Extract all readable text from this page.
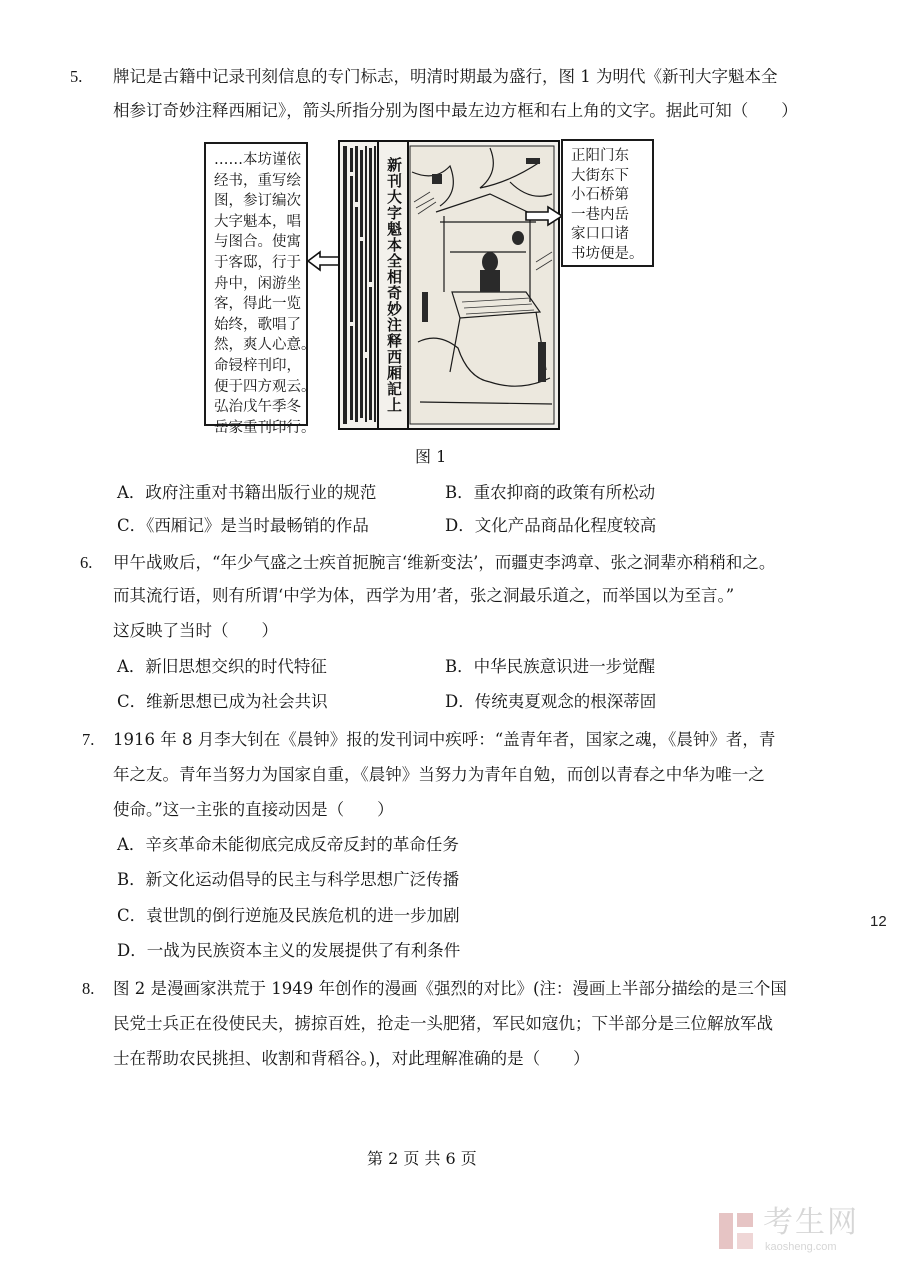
5. 牌记是古籍中记录刊刻信息的专门标志，明清时期最为盛行，图 1 为明代《新刊大字魁本全
相参订奇妙注释西厢记》，箭头所指分别为图中最左边方框和右上角的文字。据此可知（　　）
……本坊谨依
经书，重写绘
图，参订编次
大字魁本，唱
与图合。使寓
于客邸，行于
舟中，闲游坐
客，得此一览
始终，歌唱了
然，爽人心意。
命锓梓刊印，
便于四方观云。
弘治戊午季冬
岳家重刊印行。
新刊大字魁本全相奇妙注释西厢記上
正阳门东
大街东下
小石桥第
一巷内岳
家口口诸
书坊便是。
图 1
A．政府注重对书籍出版行业的规范	B．重农抑商的政策有所松动
C．《西厢记》是当时最畅销的作品	D．文化产品商品化程度较高
6. 甲午战败后，“年少气盛之士疾首扼腕言‘维新变法’，而疆吏李鸿章、张之洞辈亦稍稍和之。
而其流行语，则有所谓‘中学为体，西学为用’者，张之洞最乐道之，而举国以为至言。”
这反映了当时（　　）
A．新旧思想交织的时代特征	B．中华民族意识进一步觉醒
C．维新思想已成为社会共识	D．传统夷夏观念的根深蒂固
7. 1916 年 8 月李大钊在《晨钟》报的发刊词中疾呼：“盖青年者，国家之魂，《晨钟》者，青
年之友。青年当努力为国家自重，《晨钟》当努力为青年自勉，而创以青春之中华为唯一之
使命。”这一主张的直接动因是（　　）
A．辛亥革命未能彻底完成反帝反封的革命任务
B．新文化运动倡导的民主与科学思想广泛传播
C．袁世凯的倒行逆施及民族危机的进一步加剧
D．一战为民族资本主义的发展提供了有利条件
12
8. 图 2 是漫画家洪荒于 1949 年创作的漫画《强烈的对比》(注：漫画上半部分描绘的是三个国
民党士兵正在役使民夫，掳掠百姓，抢走一头肥猪，军民如寇仇；下半部分是三位解放军战
士在帮助农民挑担、收割和背稻谷。)，对此理解准确的是（　　）
第 2 页 共 6 页
考生网
kaosheng.com
